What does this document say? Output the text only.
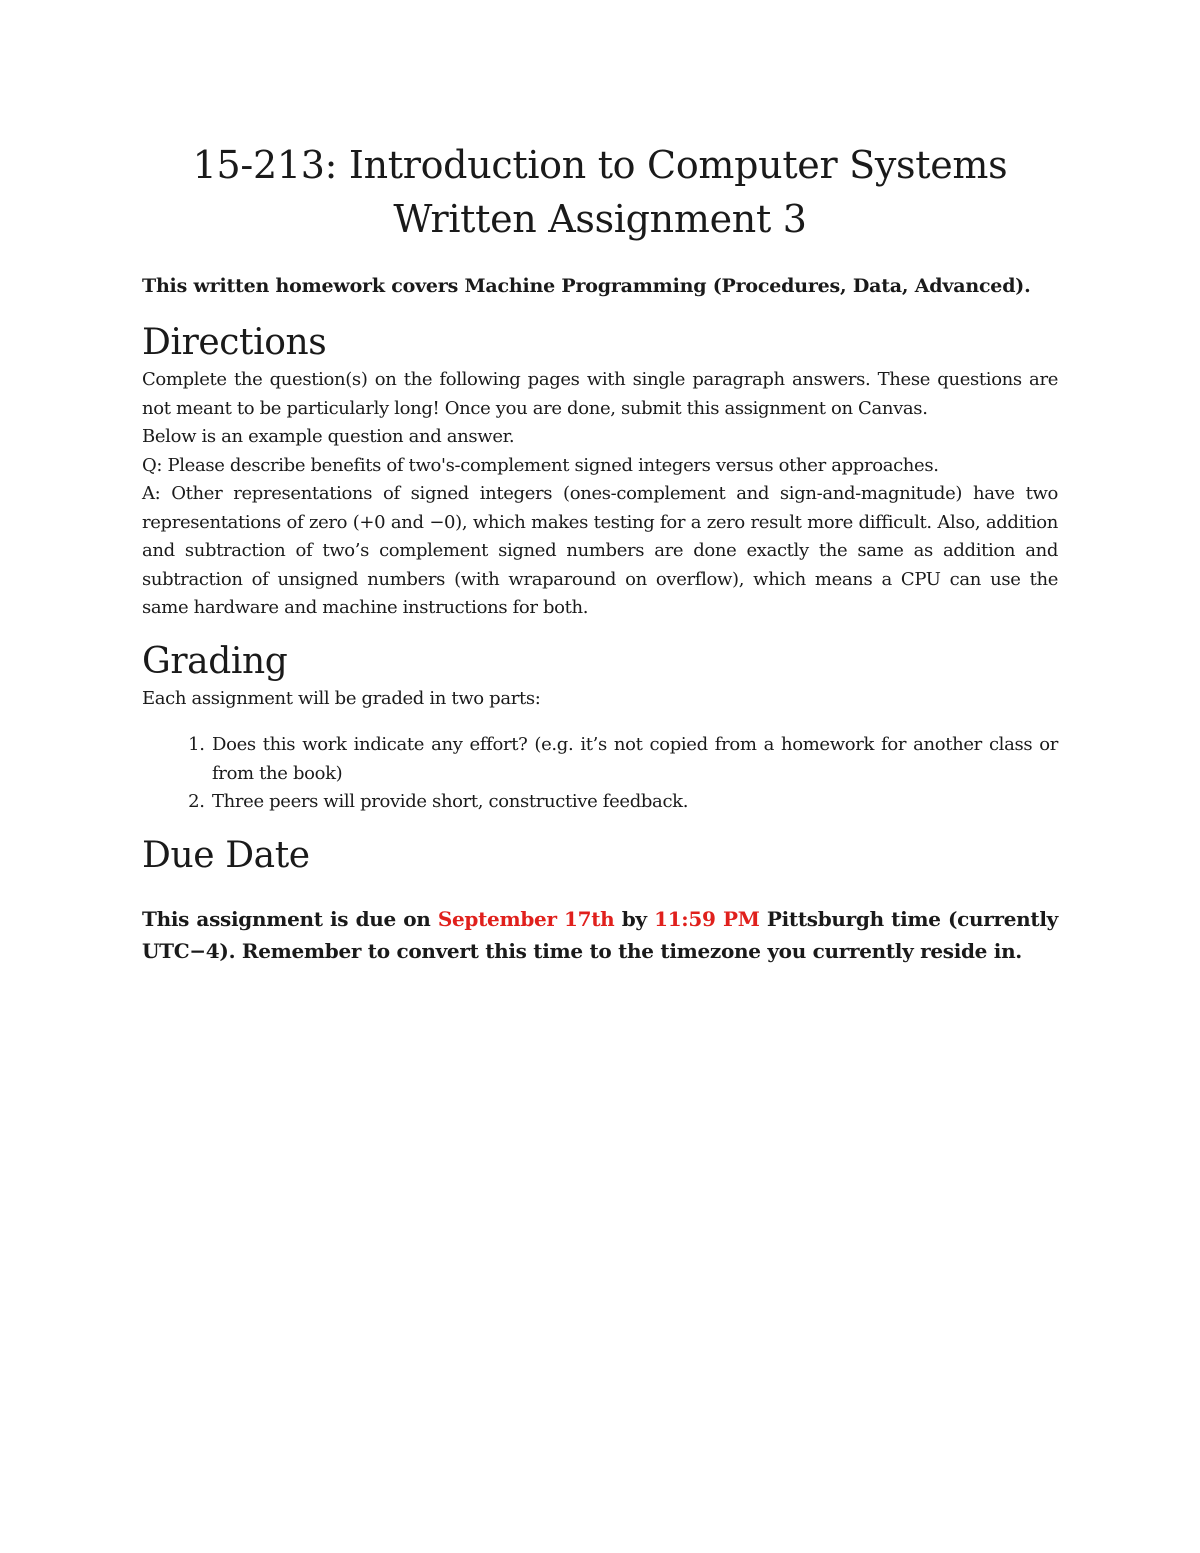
15-213: Introduction to Computer Systems
Written Assignment 3

This written homework covers Machine Programming (Procedures, Data, Advanced).

Directions

Complete the question(s) on the following pages with single paragraph answers. These questions are not meant to be particularly long! Once you are done, submit this assignment on Canvas.

Below is an example question and answer.

Q: Please describe benefits of two's-complement signed integers versus other approaches.

A: Other representations of signed integers (ones-complement and sign-and-magnitude) have two representations of zero (+0 and −0), which makes testing for a zero result more difficult. Also, addition and subtraction of two’s complement signed numbers are done exactly the same as addition and subtraction of unsigned numbers (with wraparound on overflow), which means a CPU can use the same hardware and machine instructions for both.

Grading

Each assignment will be graded in two parts:

1. Does this work indicate any effort? (e.g. it’s not copied from a homework for another class or from the book)
2. Three peers will provide short, constructive feedback.
Due Date

This assignment is due on September 17th by 11:59 PM Pittsburgh time (currently UTC−4). Remember to convert this time to the timezone you currently reside in.
